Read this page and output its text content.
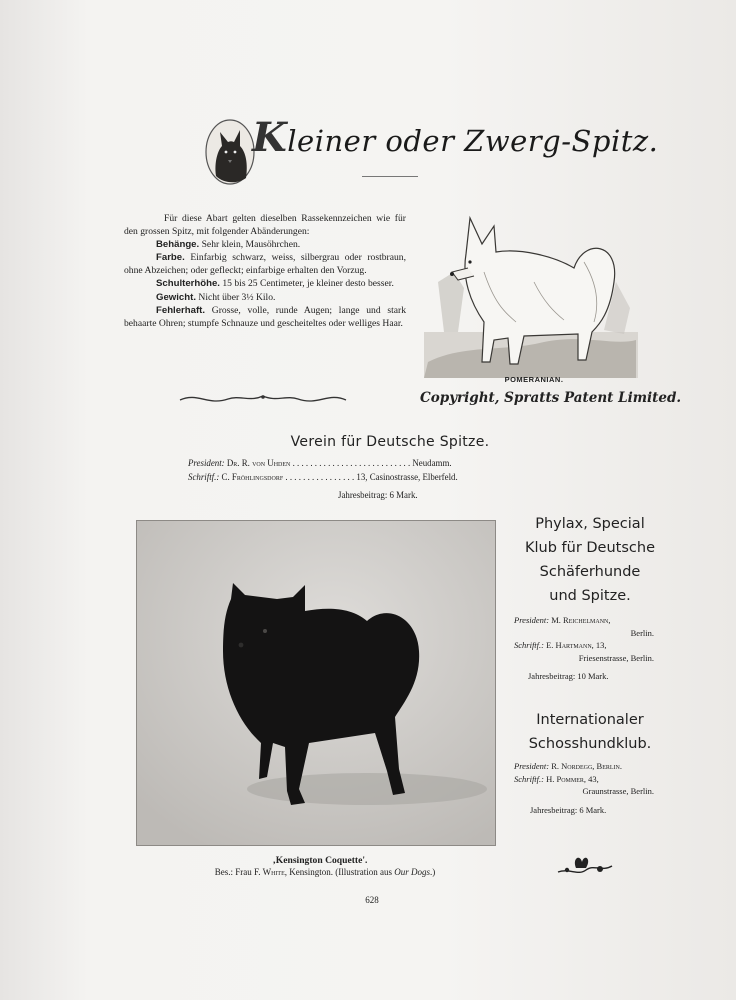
Kleiner oder Zwerg-Spitz.

Für diese Abart gelten dieselben Rassekennzeichen wie für den grossen Spitz, mit folgender Abänderungen:

Behänge. Sehr klein, Mausöhrchen.

Farbe. Einfarbig schwarz, weiss, silbergrau oder rostbraun, ohne Abzeichen; oder gefleckt; einfarbige erhalten den Vorzug.

Schulterhöhe. 15 bis 25 Centimeter, je kleiner desto besser.

Gewicht. Nicht über 3½ Kilo.

Fehlerhaft. Grosse, volle, runde Augen; lange und stark behaarte Ohren; stumpfe Schnauze und gescheiteltes oder welliges Haar.

POMERANIAN.
Copyright, Spratts Patent Limited.
Verein für Deutsche Spitze.
President: Dr. R. von Uhden . . . . . . . . . . . . . . . . . . . . . . . . . . . Neudamm.
Schriftf.: C. Fröhlingsdorf . . . . . . . . . . . . . . . . 13, Casinostrasse, Elberfeld.
Jahresbeitrag: 6 Mark.
‚Kensington Coquette'.
Bes.: Frau F. White, Kensington. (Illustration aus Our Dogs.)
Phylax, Special
Klub für Deutsche
Schäferhunde
und Spitze.
President: M. Reichelmann,
Berlin.
Schriftf.: E. Hartmann, 13,
Friesenstrasse, Berlin.
Jahresbeitrag: 10 Mark.
Internationaler
Schosshundklub.
President: R. Nordegg, Berlin.
Schriftf.: H. Pommer, 43,
Graunstrasse, Berlin.
Jahresbeitrag: 6 Mark.
628
